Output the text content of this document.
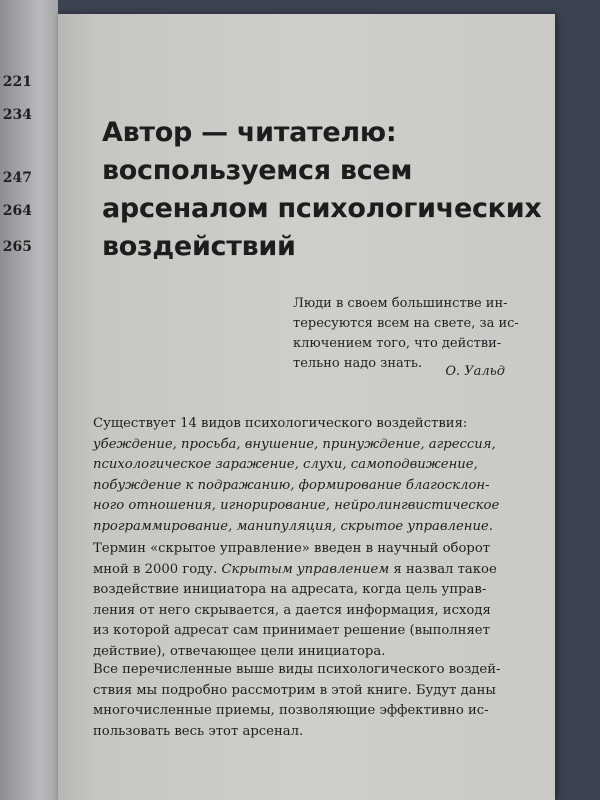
221
234
247
264
265
Автор — читателю:
воспользуемся всем
арсеналом психологических
воздействий
Люди в своем большинстве ин-
тересуются всем на свете, за ис-
ключением того, что действи-
тельно надо знать.
О. Уальд
Существует 14 видов психологического воздействия:
убеждение, просьба, внушение, принуждение, агрессия,
психологическое заражение, слухи, самоподвижение,
побуждение к подражанию, формирование благосклон-
ного отношения, игнорирование, нейролингвистическое
программирование, манипуляция, скрытое управление.
Термин «скрытое управление» введен в научный оборот
мной в 2000 году. Скрытым управлением я назвал такое
воздействие инициатора на адресата, когда цель управ-
ления от него скрывается, а дается информация, исходя
из которой адресат сам принимает решение (выполняет
действие), отвечающее цели инициатора.
Все перечисленные выше виды психологического воздей-
ствия мы подробно рассмотрим в этой книге. Будут даны
многочисленные приемы, позволяющие эффективно ис-
пользовать весь этот арсенал.
